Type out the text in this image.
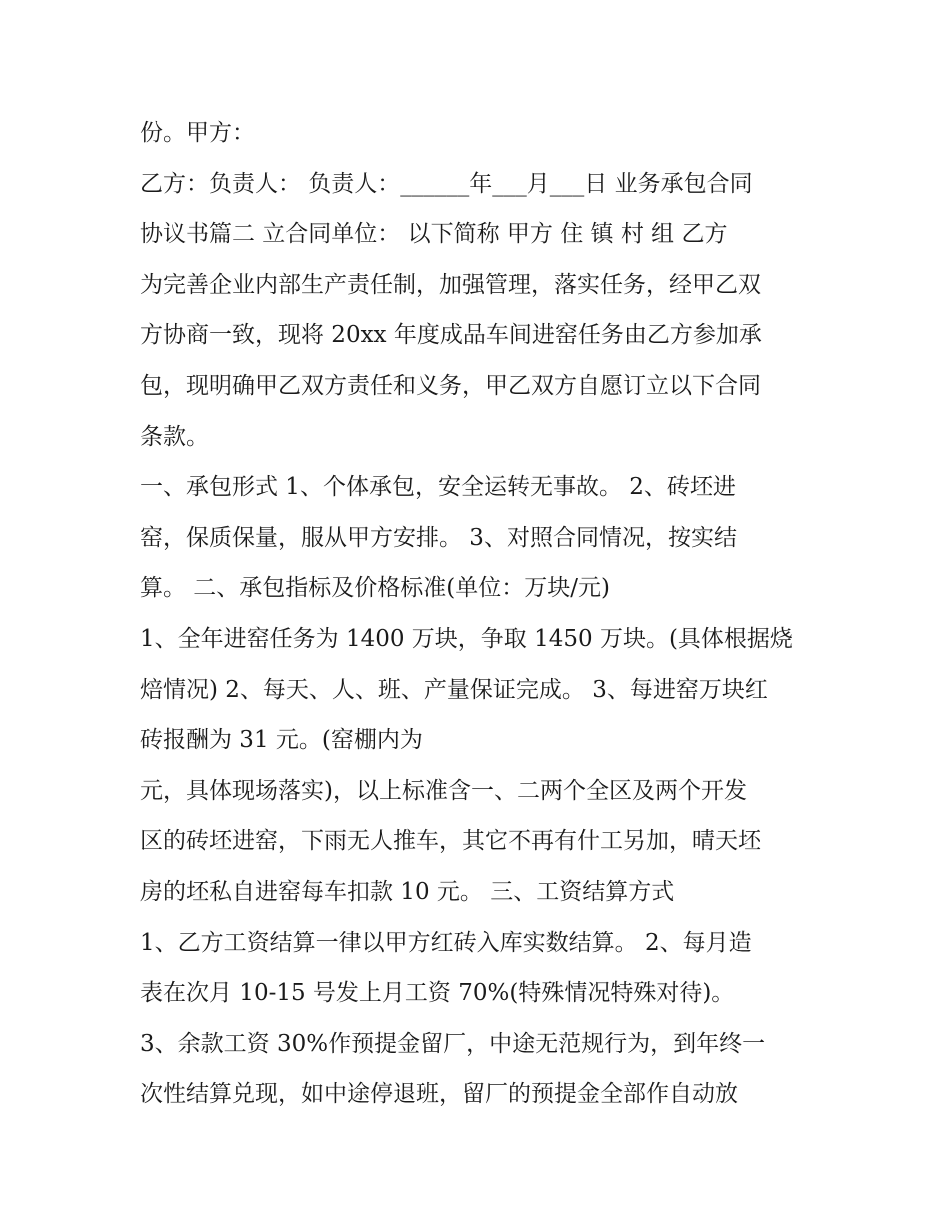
份。甲方：
乙方：负责人： 负责人：______年___月___日 业务承包合同
协议书篇二 立合同单位： 以下简称 甲方 住 镇 村 组 乙方
为完善企业内部生产责任制，加强管理，落实任务，经甲乙双
方协商一致，现将 20xx 年度成品车间进窑任务由乙方参加承
包，现明确甲乙双方责任和义务，甲乙双方自愿订立以下合同
条款。
一、承包形式 1、个体承包，安全运转无事故。 2、砖坯进
窑，保质保量，服从甲方安排。 3、对照合同情况，按实结
算。 二、承包指标及价格标准(单位：万块/元)
1、全年进窑任务为 1400 万块，争取 1450 万块。(具体根据烧
焙情况) 2、每天、人、班、产量保证完成。 3、每进窑万块红
砖报酬为 31 元。(窑棚内为
元，具体现场落实)，以上标准含一、二两个全区及两个开发
区的砖坯进窑，下雨无人推车，其它不再有什工另加，晴天坯
房的坯私自进窑每车扣款 10 元。 三、工资结算方式
1、乙方工资结算一律以甲方红砖入库实数结算。 2、每月造
表在次月 10-15 号发上月工资 70%(特殊情况特殊对待)。
3、余款工资 30%作预提金留厂，中途无范规行为，到年终一
次性结算兑现，如中途停退班，留厂的预提金全部作自动放
